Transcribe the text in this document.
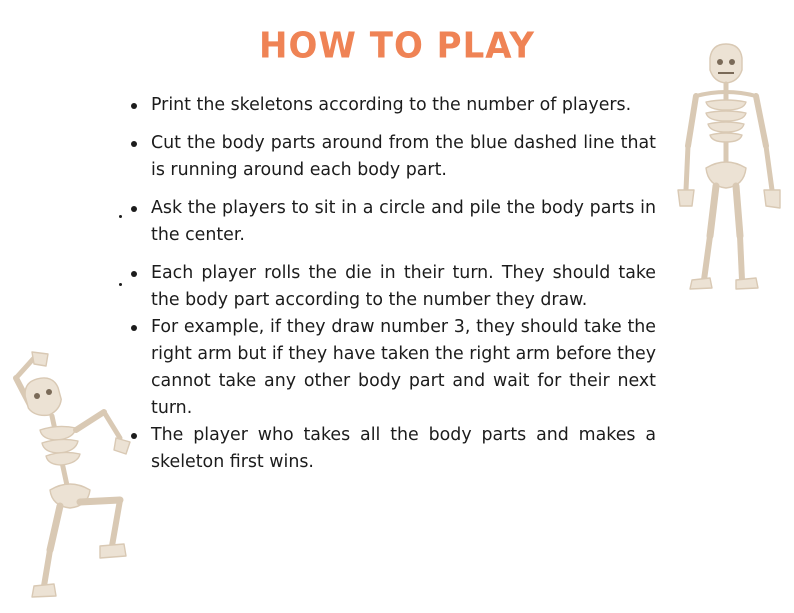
HOW TO PLAY
Print the skeletons according to the number of players.
Cut the body parts around from the blue dashed line that is running around each body part.
Ask the players to sit in a circle and pile the body parts in the center.
Each player rolls the die in their turn. They should take the body part according to the number they draw.
For example, if they draw number 3, they should take the right arm but if they have taken the right arm before they cannot take any other body part and wait for their next turn.
The player who takes all the body parts and makes a skeleton first wins.
